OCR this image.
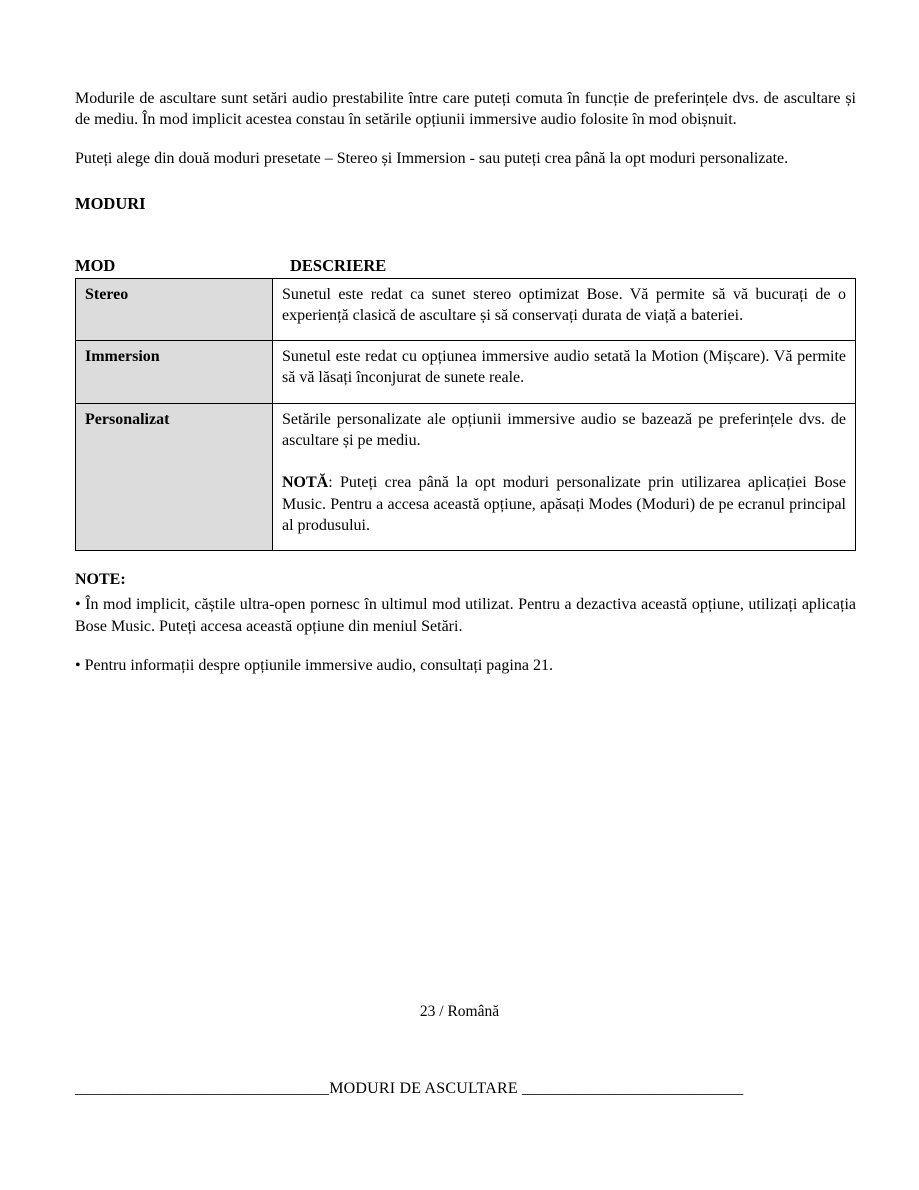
Modurile de ascultare sunt setări audio prestabilite între care puteți comuta în funcție de preferințele dvs. de ascultare și de mediu. În mod implicit acestea constau în setările opțiunii immersive audio folosite în mod obișnuit.

Puteți alege din două moduri presetate – Stereo și Immersion - sau puteți crea până la opt moduri personalizate.

MODURI
MOD	DESCRIERE
Stereo	Sunetul este redat ca sunet stereo optimizat Bose. Vă permite să vă bucurați de o experiență clasică de ascultare și să conservați durata de viață a bateriei.
Immersion	Sunetul este redat cu opțiunea immersive audio setată la Motion (Mișcare). Vă permite să vă lăsați înconjurat de sunete reale.
Personalizat	Setările personalizate ale opțiunii immersive audio se bazează pe preferințele dvs. de ascultare și pe mediu.

NOTĂ: Puteți crea până la opt moduri personalizate prin utilizarea aplicației Bose Music. Pentru a accesa această opțiune, apăsați Modes (Moduri) de pe ecranul principal al produsului.

NOTE:

• În mod implicit, căștile ultra-open pornesc în ultimul mod utilizat. Pentru a dezactiva această opțiune, utilizați aplicația Bose Music. Puteți accesa această opțiune din meniul Setări.

• Pentru informații despre opțiunile immersive audio, consultați pagina 21.

23 / Română
_______________________________MODURI DE ASCULTARE ___________________________
